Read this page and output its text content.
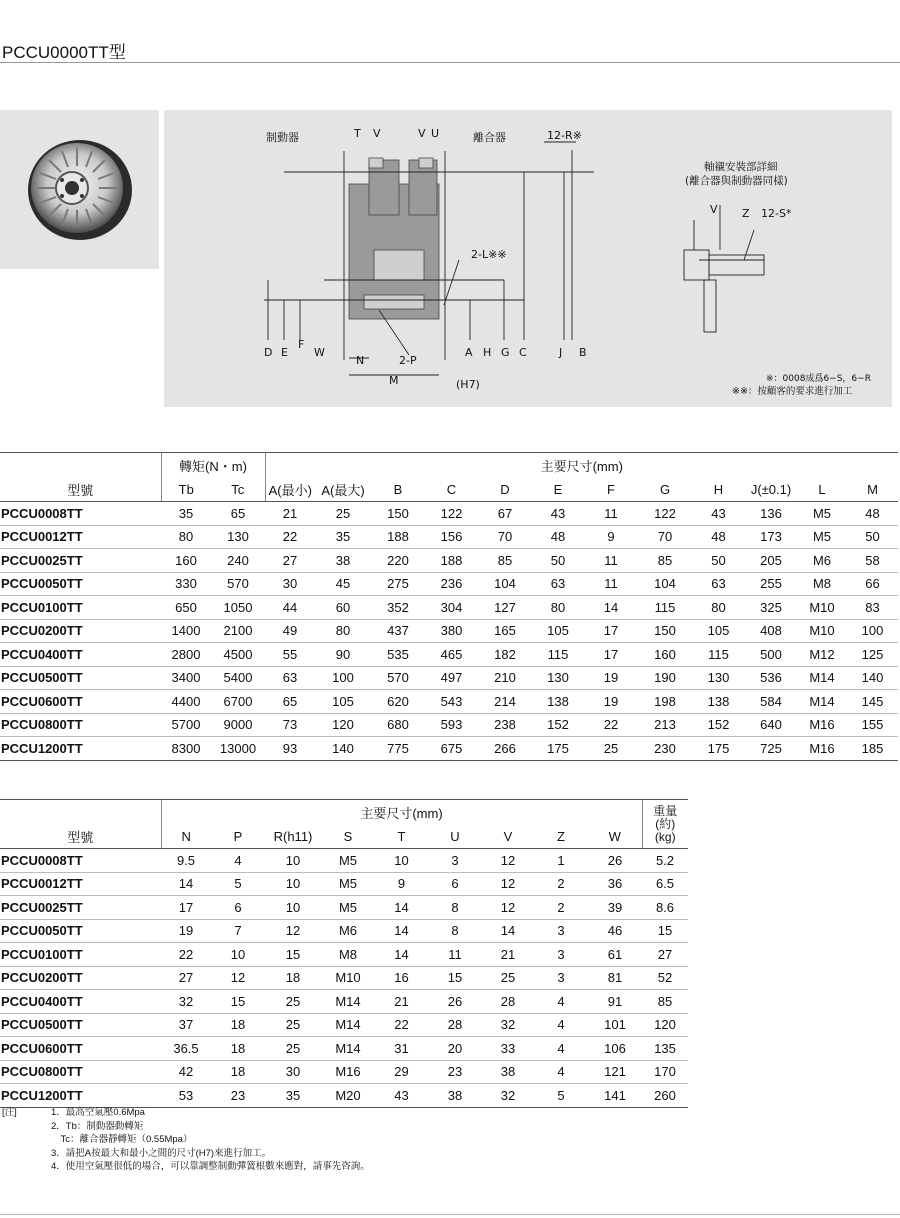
PCCU0000TT型
制動器	離合器	12-R※
2-L※※
2-P
(H7)
T V	V U
D E
F
W
N
M
A H G C	J B
軸襯安裝部詳細
(離合器與制動器同樣)
V Z 12-S*
※：0008成爲6−S，6−R
※※：按顧客的要求進行加工
	轉矩(N・m)		主要尺寸(mm)											
型號	Tb	Tc	A(最小)	A(最大)	B	C	D	E	F	G	H	J(±0.1)	L	M
PCCU0008TT	35	65	21	25	150	122	67	43	11	122	43	136	M5	48
PCCU0012TT	80	130	22	35	188	156	70	48	9	70	48	173	M5	50
PCCU0025TT	160	240	27	38	220	188	85	50	11	85	50	205	M6	58
PCCU0050TT	330	570	30	45	275	236	104	63	11	104	63	255	M8	66
PCCU0100TT	650	1050	44	60	352	304	127	80	14	115	80	325	M10	83
PCCU0200TT	1400	2100	49	80	437	380	165	105	17	150	105	408	M10	100
PCCU0400TT	2800	4500	55	90	535	465	182	115	17	160	115	500	M12	125
PCCU0500TT	3400	5400	63	100	570	497	210	130	19	190	130	536	M14	140
PCCU0600TT	4400	6700	65	105	620	543	214	138	19	198	138	584	M14	145
PCCU0800TT	5700	9000	73	120	680	593	238	152	22	213	152	640	M16	155
PCCU1200TT	8300	13000	93	140	775	675	266	175	25	230	175	725	M16	185
	主要尺寸(mm)									重量
(約)
(kg)

型號	N	P	R(h11)	S	T	U	V	Z	W	
PCCU0008TT	9.5	4	10	M5	10	3	12	1	26	5.2
PCCU0012TT	14	5	10	M5	9	6	12	2	36	6.5
PCCU0025TT	17	6	10	M5	14	8	12	2	39	8.6
PCCU0050TT	19	7	12	M6	14	8	14	3	46	15
PCCU0100TT	22	10	15	M8	14	11	21	3	61	27
PCCU0200TT	27	12	18	M10	16	15	25	3	81	52
PCCU0400TT	32	15	25	M14	21	26	28	4	91	85
PCCU0500TT	37	18	25	M14	22	28	32	4	101	120
PCCU0600TT	36.5	18	25	M14	31	20	33	4	106	135
PCCU0800TT	42	18	30	M16	29	23	38	4	121	170
PCCU1200TT	53	23	35	M20	43	38	32	5	141	260
[注]	1．最高空氣壓0.6Mpa
2．Tb：制動器動轉矩
　Tc：離合器靜轉矩（0.55Mpa）
3．請把A按最大和最小之間的尺寸(H7)來進行加工。
4．使用空氣壓很低的場合，可以靠調整制動彈簧根數來應對，請事先咨詢。
